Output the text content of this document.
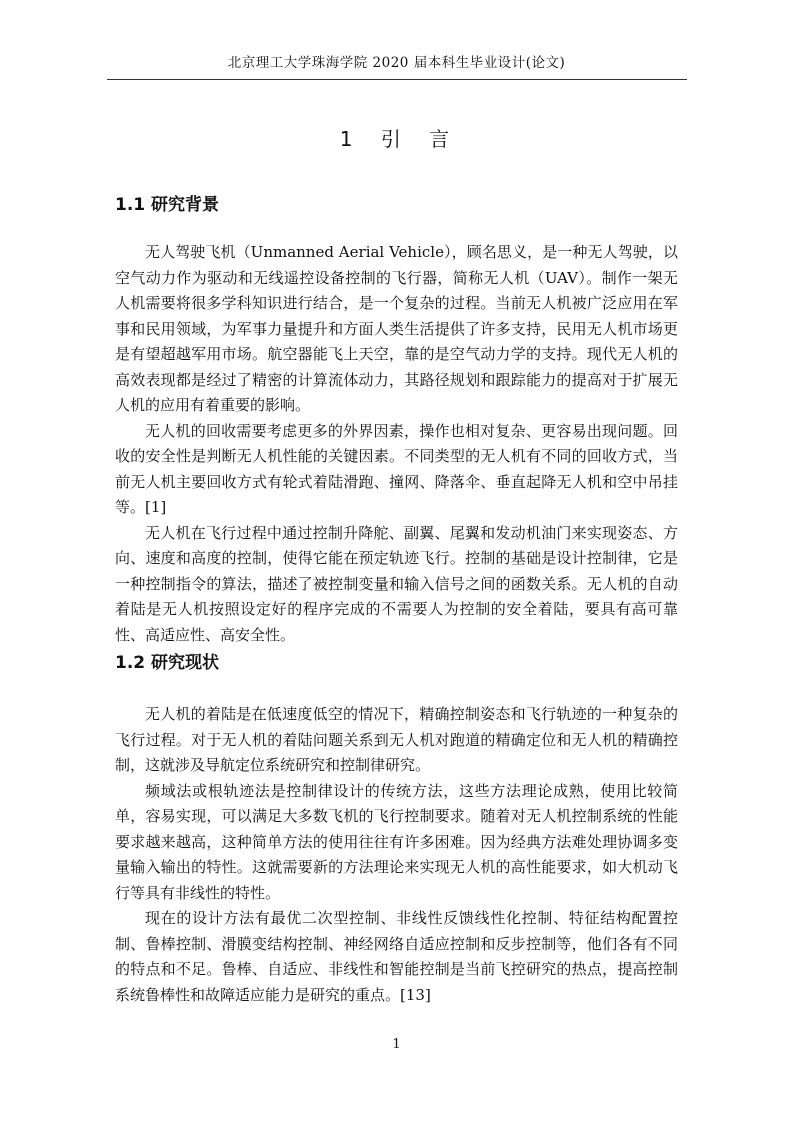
北京理工大学珠海学院 2020 届本科生毕业设计(论文)
1 引 言
1.1 研究背景

无人驾驶飞机（Unmanned Aerial Vehicle），顾名思义，是一种无人驾驶，以空气动力作为驱动和无线遥控设备控制的飞行器，简称无人机（UAV）。制作一架无人机需要将很多学科知识进行结合，是一个复杂的过程。当前无人机被广泛应用在军事和民用领域，为军事力量提升和方面人类生活提供了许多支持，民用无人机市场更是有望超越军用市场。航空器能飞上天空，靠的是空气动力学的支持。现代无人机的高效表现都是经过了精密的计算流体动力，其路径规划和跟踪能力的提高对于扩展无人机的应用有着重要的影响。

无人机的回收需要考虑更多的外界因素，操作也相对复杂、更容易出现问题。回收的安全性是判断无人机性能的关键因素。不同类型的无人机有不同的回收方式，当前无人机主要回收方式有轮式着陆滑跑、撞网、降落伞、垂直起降无人机和空中吊挂等。[1]

无人机在飞行过程中通过控制升降舵、副翼、尾翼和发动机油门来实现姿态、方向、速度和高度的控制，使得它能在预定轨迹飞行。控制的基础是设计控制律，它是一种控制指令的算法，描述了被控制变量和输入信号之间的函数关系。无人机的自动着陆是无人机按照设定好的程序完成的不需要人为控制的安全着陆，要具有高可靠性、高适应性、高安全性。

1.2 研究现状

无人机的着陆是在低速度低空的情况下，精确控制姿态和飞行轨迹的一种复杂的飞行过程。对于无人机的着陆问题关系到无人机对跑道的精确定位和无人机的精确控制，这就涉及导航定位系统研究和控制律研究。

频域法或根轨迹法是控制律设计的传统方法，这些方法理论成熟，使用比较简单，容易实现，可以满足大多数飞机的飞行控制要求。随着对无人机控制系统的性能要求越来越高，这种简单方法的使用往往有许多困难。因为经典方法难处理协调多变量输入输出的特性。这就需要新的方法理论来实现无人机的高性能要求，如大机动飞行等具有非线性的特性。

现在的设计方法有最优二次型控制、非线性反馈线性化控制、特征结构配置控制、鲁棒控制、滑膜变结构控制、神经网络自适应控制和反步控制等，他们各有不同的特点和不足。鲁棒、自适应、非线性和智能控制是当前飞控研究的热点，提高控制系统鲁棒性和故障适应能力是研究的重点。[13]

1
